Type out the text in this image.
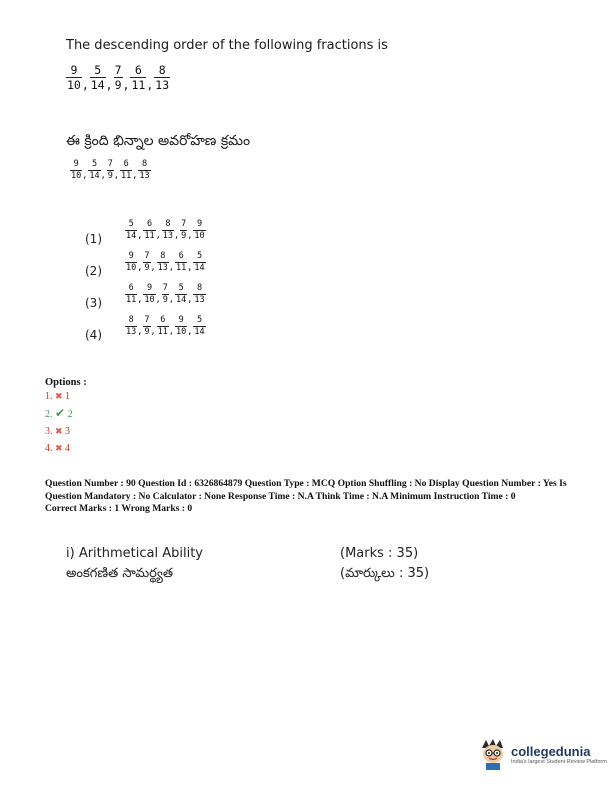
The descending order of the following fractions is
$\frac{9}{10}$ , $\frac{5}{14}$ , $\frac{7}{9}$ , $\frac{6}{11}$ , $\frac{8}{13}$
ఈ క్రింది భిన్నాల అవరోహణ క్రమం
$\frac{9}{10}$ , $\frac{5}{14}$ , $\frac{7}{9}$ , $\frac{6}{11}$ , $\frac{8}{13}$
(1)	$\frac{5}{14}$ , $\frac{6}{11}$ , $\frac{8}{13}$ , $\frac{7}{9}$ , $\frac{9}{10}$
(2)	$\frac{9}{10}$ , $\frac{7}{9}$ , $\frac{8}{13}$ , $\frac{6}{11}$ , $\frac{5}{14}$
(3)	$\frac{6}{11}$ , $\frac{9}{10}$ , $\frac{7}{9}$ , $\frac{5}{14}$ , $\frac{8}{13}$
(4)	$\frac{8}{13}$ , $\frac{7}{9}$ , $\frac{6}{11}$ , $\frac{9}{10}$ , $\frac{5}{14}$
Options :
1. ✖ 1
2. ✔ 2
3. ✖ 3
4. ✖ 4
Question Number : 90 Question Id : 6326864879 Question Type : MCQ Option Shuffling : No Display Question Number : Yes Is Question Mandatory : No Calculator : None Response Time : N.A Think Time : N.A Minimum Instruction Time : 0
Correct Marks : 1 Wrong Marks : 0
i) Arithmetical Ability
అంకగణిత సామర్థ్యత
(Marks : 35)
(మార్కులు : 35)
collegedunia
India's largest Student Review Platform
